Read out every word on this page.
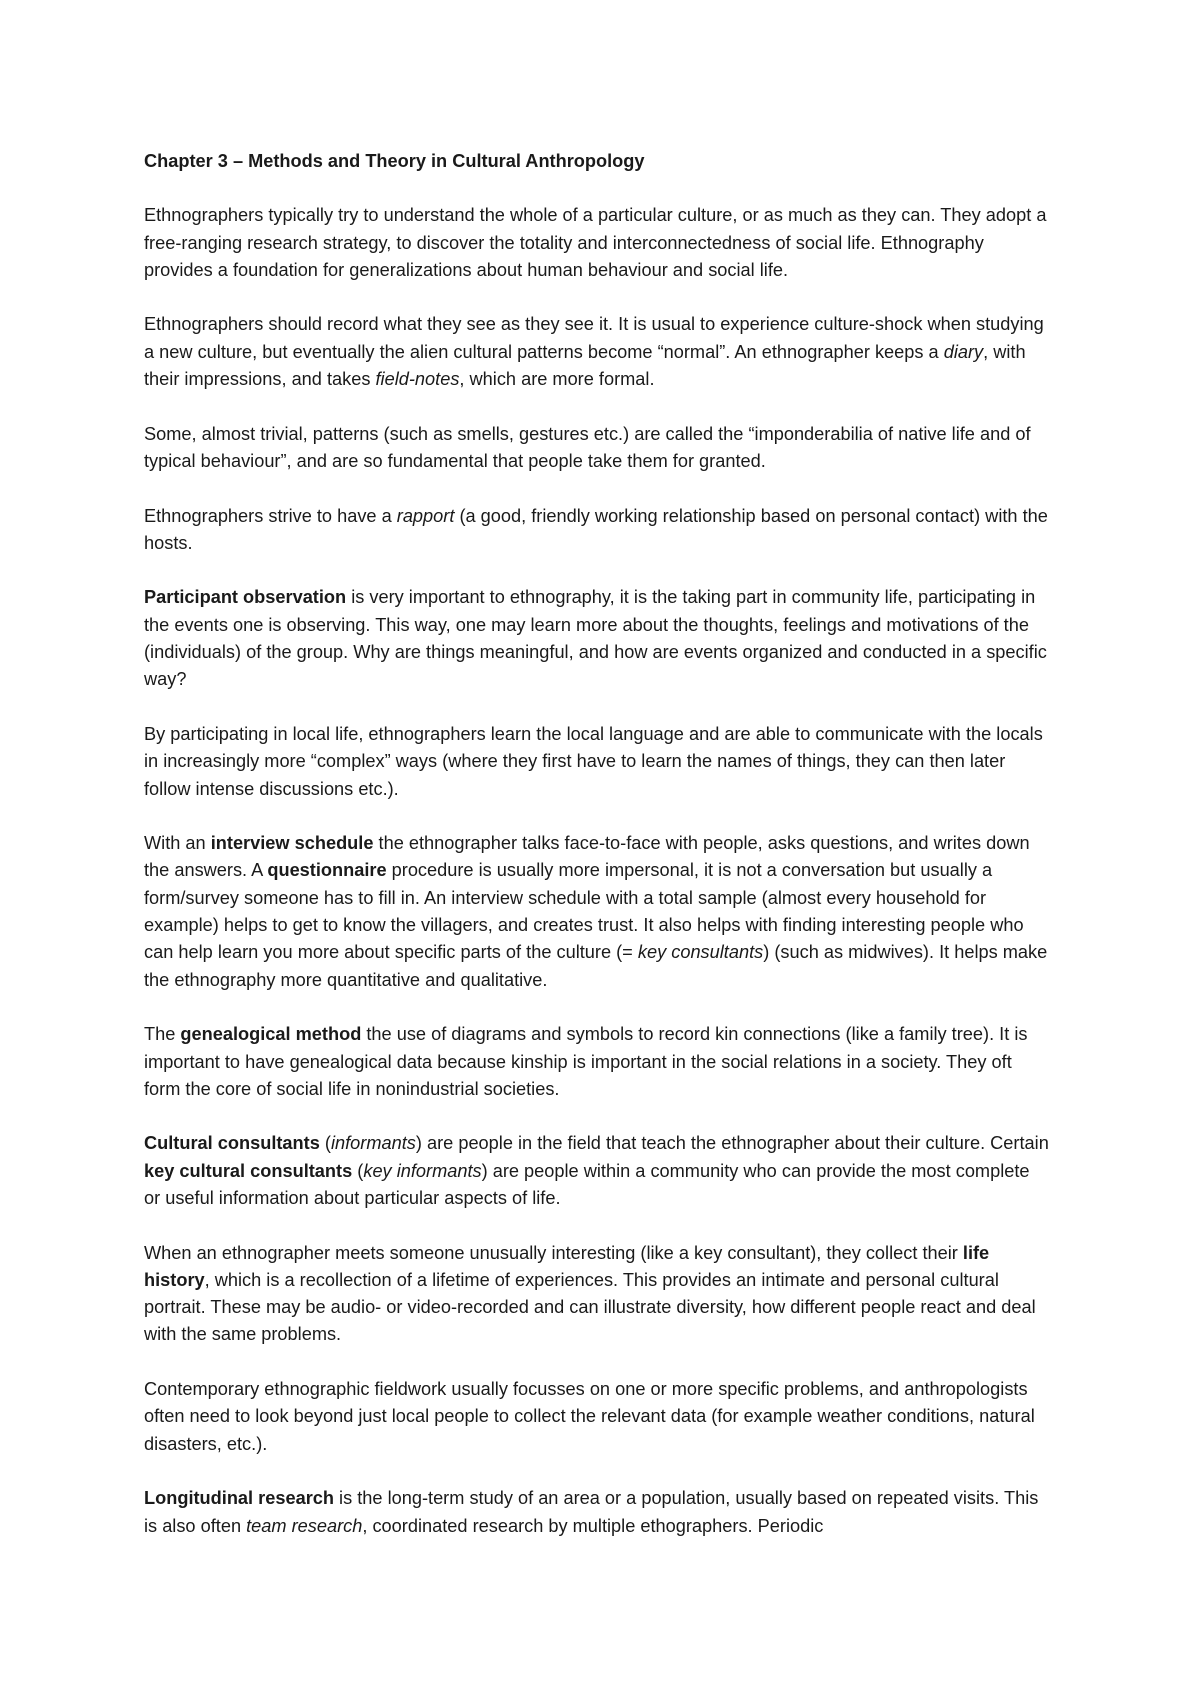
Chapter 3 – Methods and Theory in Cultural Anthropology

Ethnographers typically try to understand the whole of a particular culture, or as much as they can. They adopt a free-ranging research strategy, to discover the totality and interconnectedness of social life. Ethnography provides a foundation for generalizations about human behaviour and social life.

Ethnographers should record what they see as they see it. It is usual to experience culture-shock when studying a new culture, but eventually the alien cultural patterns become “normal”. An ethnographer keeps a diary, with their impressions, and takes field-notes, which are more formal.

Some, almost trivial, patterns (such as smells, gestures etc.) are called the “imponderabilia of native life and of typical behaviour”, and are so fundamental that people take them for granted.

Ethnographers strive to have a rapport (a good, friendly working relationship based on personal contact) with the hosts.

Participant observation is very important to ethnography, it is the taking part in community life, participating in the events one is observing. This way, one may learn more about the thoughts, feelings and motivations of the (individuals) of the group. Why are things meaningful, and how are events organized and conducted in a specific way?

By participating in local life, ethnographers learn the local language and are able to communicate with the locals in increasingly more “complex” ways (where they first have to learn the names of things, they can then later follow intense discussions etc.).

With an interview schedule the ethnographer talks face-to-face with people, asks questions, and writes down the answers. A questionnaire procedure is usually more impersonal, it is not a conversation but usually a form/survey someone has to fill in. An interview schedule with a total sample (almost every household for example) helps to get to know the villagers, and creates trust. It also helps with finding interesting people who can help learn you more about specific parts of the culture (= key consultants) (such as midwives). It helps make the ethnography more quantitative and qualitative.

The genealogical method the use of diagrams and symbols to record kin connections (like a family tree). It is important to have genealogical data because kinship is important in the social relations in a society. They oft form the core of social life in nonindustrial societies.

Cultural consultants (informants) are people in the field that teach the ethnographer about their culture. Certain key cultural consultants (key informants) are people within a community who can provide the most complete or useful information about particular aspects of life.

When an ethnographer meets someone unusually interesting (like a key consultant), they collect their life history, which is a recollection of a lifetime of experiences. This provides an intimate and personal cultural portrait. These may be audio- or video-recorded and can illustrate diversity, how different people react and deal with the same problems.

Contemporary ethnographic fieldwork usually focusses on one or more specific problems, and anthropologists often need to look beyond just local people to collect the relevant data (for example weather conditions, natural disasters, etc.).

Longitudinal research is the long-term study of an area or a population, usually based on repeated visits. This is also often team research, coordinated research by multiple ethographers. Periodic
